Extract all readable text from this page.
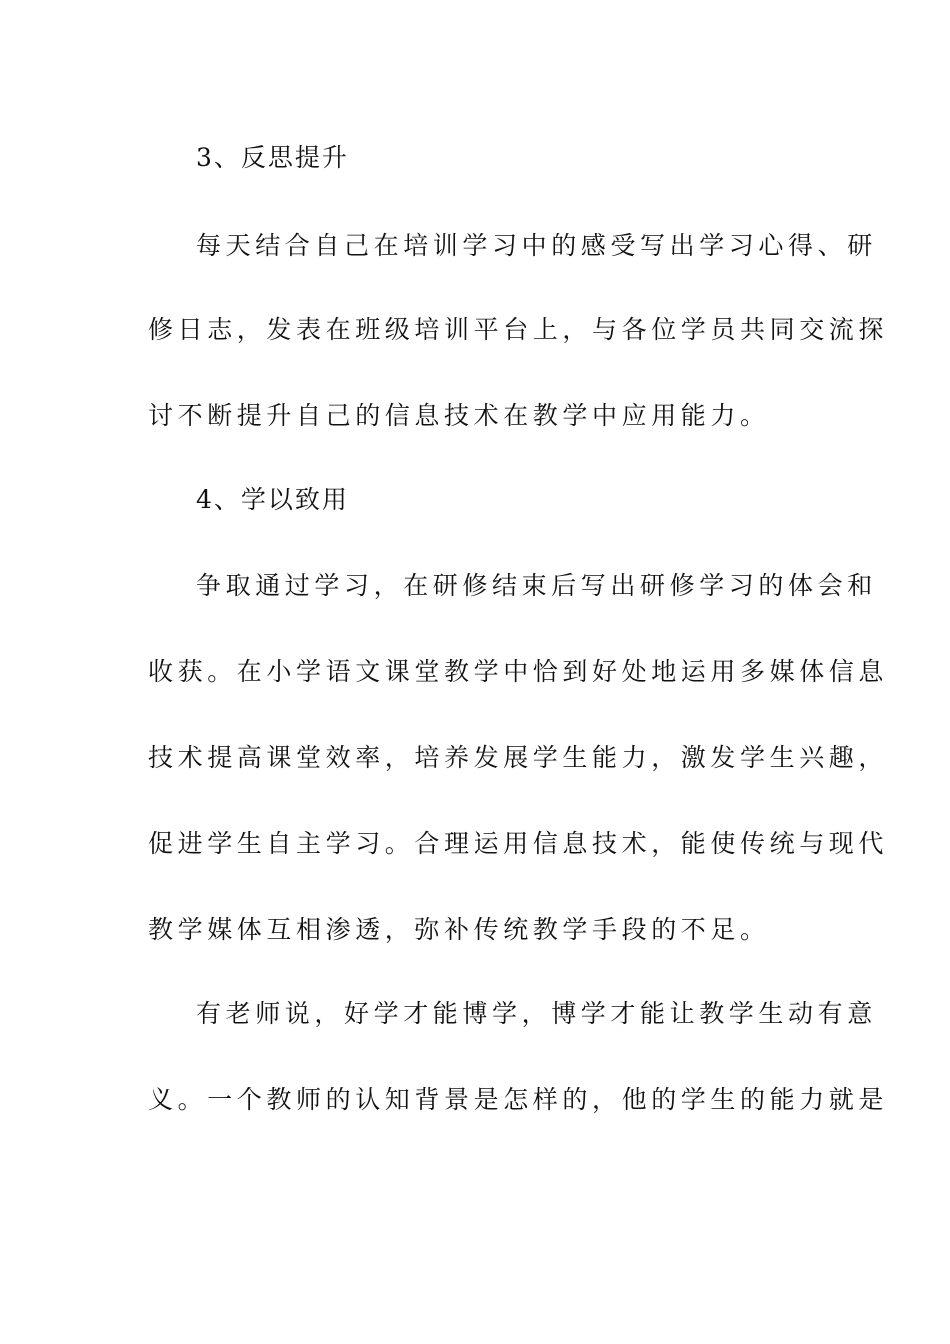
3、反思提升
每天结合自己在培训学习中的感受写出学习心得、研
修日志，发表在班级培训平台上，与各位学员共同交流探
讨不断提升自己的信息技术在教学中应用能力。
4、学以致用
争取通过学习，在研修结束后写出研修学习的体会和
收获。在小学语文课堂教学中恰到好处地运用多媒体信息
技术提高课堂效率，培养发展学生能力，激发学生兴趣，
促进学生自主学习。合理运用信息技术，能使传统与现代
教学媒体互相渗透，弥补传统教学手段的不足。
有老师说，好学才能博学，博学才能让教学生动有意
义。一个教师的认知背景是怎样的，他的学生的能力就是
